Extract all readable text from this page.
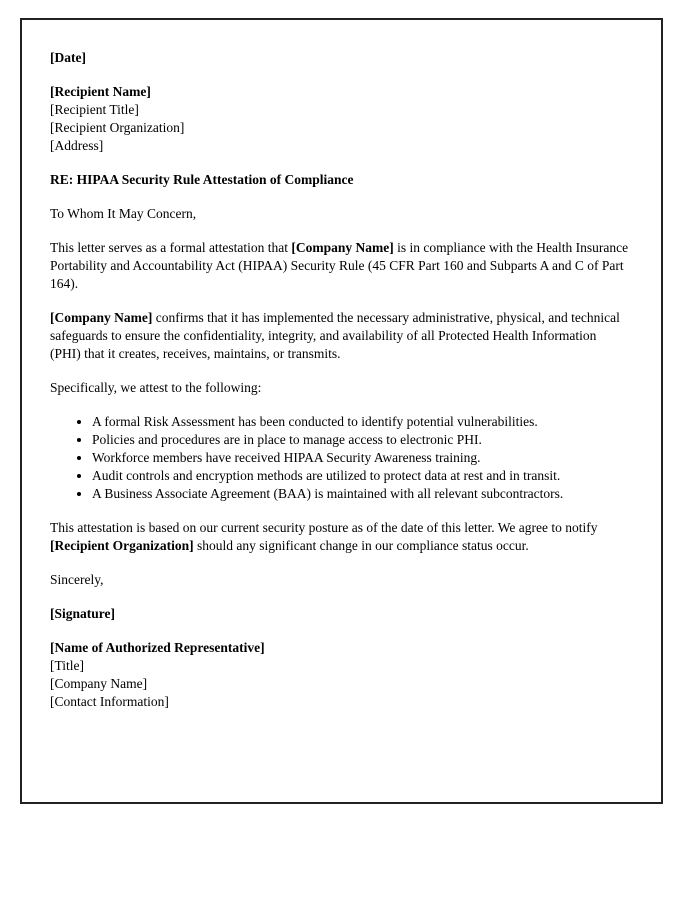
[Date]

[Recipient Name]
[Recipient Title]
[Recipient Organization]
[Address]

RE: HIPAA Security Rule Attestation of Compliance

To Whom It May Concern,

This letter serves as a formal attestation that [Company Name] is in compliance with the Health Insurance Portability and Accountability Act (HIPAA) Security Rule (45 CFR Part 160 and Subparts A and C of Part 164).

[Company Name] confirms that it has implemented the necessary administrative, physical, and technical safeguards to ensure the confidentiality, integrity, and availability of all Protected Health Information (PHI) that it creates, receives, maintains, or transmits.

Specifically, we attest to the following:

• A formal Risk Assessment has been conducted to identify potential vulnerabilities.
• Policies and procedures are in place to manage access to electronic PHI.
• Workforce members have received HIPAA Security Awareness training.
• Audit controls and encryption methods are utilized to protect data at rest and in transit.
• A Business Associate Agreement (BAA) is maintained with all relevant subcontractors.

This attestation is based on our current security posture as of the date of this letter. We agree to notify [Recipient Organization] should any significant change in our compliance status occur.

Sincerely,

[Signature]

[Name of Authorized Representative]
[Title]
[Company Name]
[Contact Information]
